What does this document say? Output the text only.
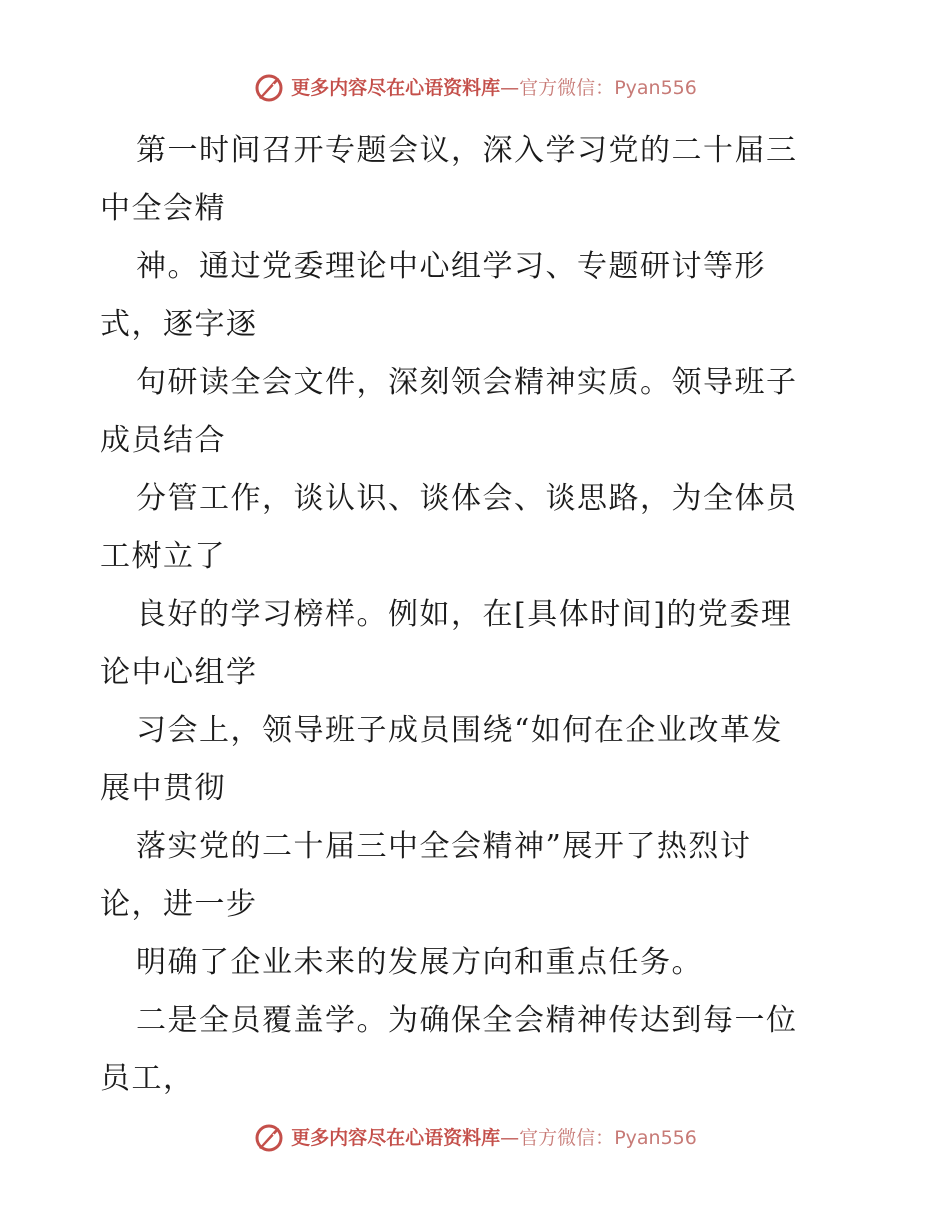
更多内容尽在心语资料库—官方微信：Pyan556
第一时间召开专题会议，深入学习党的二十届三
中全会精
神。通过党委理论中心组学习、专题研讨等形
式，逐字逐
句研读全会文件，深刻领会精神实质。领导班子
成员结合
分管工作，谈认识、谈体会、谈思路，为全体员
工树立了
良好的学习榜样。例如，在[具体时间]的党委理
论中心组学
习会上，领导班子成员围绕“如何在企业改革发
展中贯彻
落实党的二十届三中全会精神”展开了热烈讨
论，进一步
明确了企业未来的发展方向和重点任务。
二是全员覆盖学。为确保全会精神传达到每一位
员工，
更多内容尽在心语资料库—官方微信：Pyan556
